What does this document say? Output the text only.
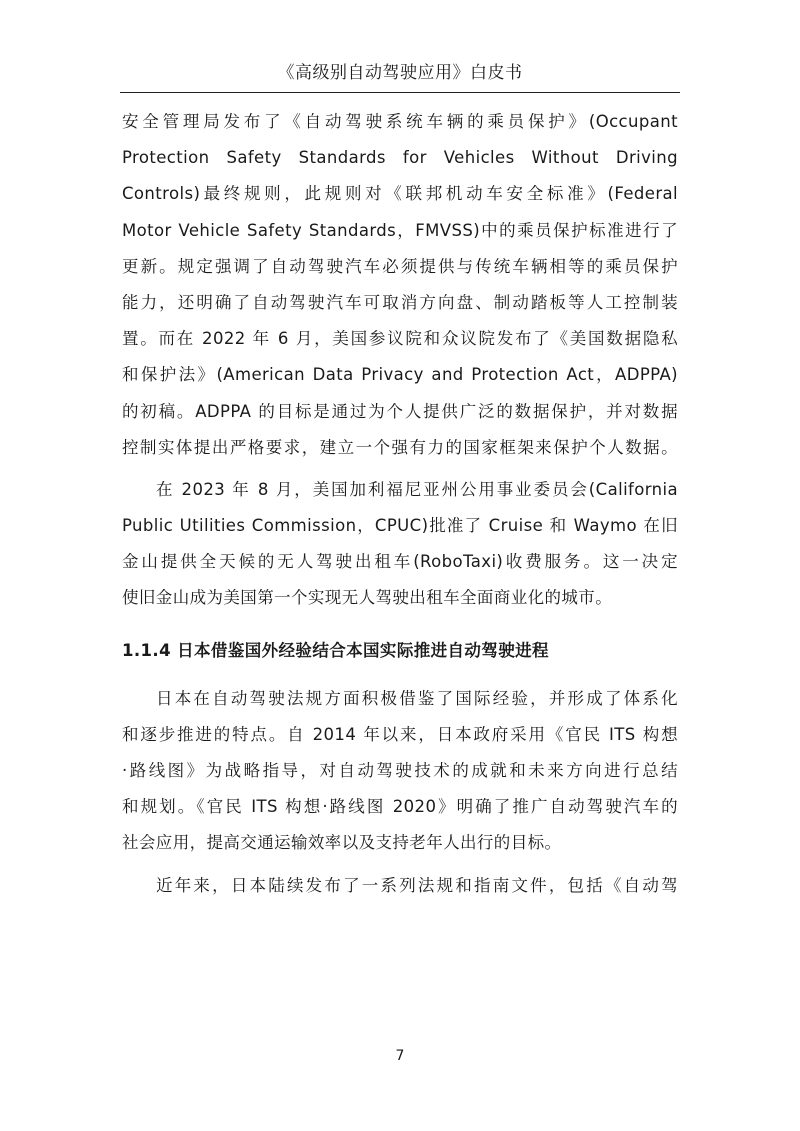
《高级别自动驾驶应用》白皮书
安全管理局发布了《自动驾驶系统车辆的乘员保护》(Occupant
Protection Safety Standards for Vehicles Without Driving
Controls)最终规则，此规则对《联邦机动车安全标准》(Federal
Motor Vehicle Safety Standards，FMVSS)中的乘员保护标准进行了
更新。规定强调了自动驾驶汽车必须提供与传统车辆相等的乘员保护
能力，还明确了自动驾驶汽车可取消方向盘、制动踏板等人工控制装
置。而在 2022 年 6 月，美国参议院和众议院发布了《美国数据隐私
和保护法》(American Data Privacy and Protection Act，ADPPA)
的初稿。ADPPA 的目标是通过为个人提供广泛的数据保护，并对数据
控制实体提出严格要求，建立一个强有力的国家框架来保护个人数据。
在 2023 年 8 月，美国加利福尼亚州公用事业委员会(California
Public Utilities Commission，CPUC)批准了 Cruise 和 Waymo 在旧
金山提供全天候的无人驾驶出租车(RoboTaxi)收费服务。这一决定
使旧金山成为美国第一个实现无人驾驶出租车全面商业化的城市。
1.1.4 日本借鉴国外经验结合本国实际推进自动驾驶进程
日本在自动驾驶法规方面积极借鉴了国际经验，并形成了体系化
和逐步推进的特点。自 2014 年以来，日本政府采用《官民 ITS 构想
·路线图》为战略指导，对自动驾驶技术的成就和未来方向进行总结
和规划。《官民 ITS 构想·路线图 2020》明确了推广自动驾驶汽车的
社会应用，提高交通运输效率以及支持老年人出行的目标。
近年来，日本陆续发布了一系列法规和指南文件，包括《自动驾
7
